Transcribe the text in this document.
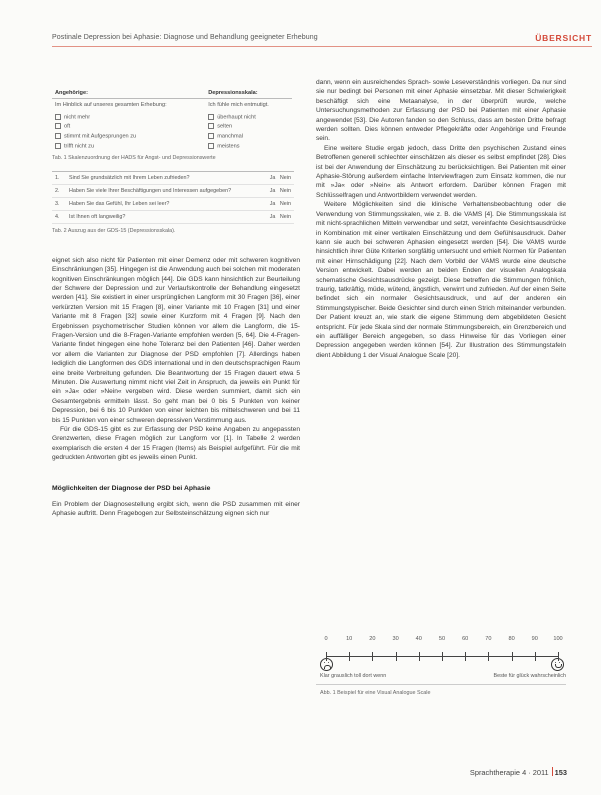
Postinale Depression bei Aphasie: Diagnose und Behandlung geeigneter Erhebung	ÜBERSICHT
Angehörige:	Depressionsskala:
Im Hinblick auf unseres gesamten Erhebung:	Ich fühle mich entmutigt.
nicht mehr	überhaupt nicht
oft	selten
stimmt mit Aufgesprungen zu	manchmal
trifft nicht zu	meistens

Tab. 1 Skalenzuordnung der HADS für Angst- und Depressionswerte

1.	Sind Sie grundsätzlich mit Ihrem Leben zufrieden?	Ja Nein
2.	Haben Sie viele Ihrer Beschäftigungen und Interessen aufgegeben?	Ja Nein
3.	Haben Sie das Gefühl, Ihr Leben sei leer?	Ja Nein
4.	Ist Ihnen oft langweilig?	Ja Nein

Tab. 2 Auszug aus der GDS-15 (Depressionsskala).

eignet sich also nicht für Patienten mit einer Demenz oder mit schweren kognitiven Einschränkungen [35]. Hingegen ist die Anwendung auch bei solchen mit moderaten kognitiven Einschränkungen möglich [44]. Die GDS kann hinsichtlich zur Beurteilung der Schwere der Depression und zur Verlaufskontrolle der Behandlung eingesetzt werden [41]. Sie existiert in einer ursprünglichen Langform mit 30 Fragen [36], einer verkürzten Version mit 15 Fragen [8], einer Variante mit 10 Fragen [31] und einer Variante mit 8 Fragen [32] sowie einer Kurzform mit 4 Fragen [9]. Nach den Ergebnissen psychometrischer Studien können vor allem die Langform, die 15-Fragen-Version und die 8-Fragen-Variante empfohlen werden [5, 64]. Die 4-Fragen-Variante findet hingegen eine hohe Toleranz bei den Patienten [46]. Daher werden vor allem die Varianten zur Diagnose der PSD empfohlen [7]. Allerdings haben lediglich die Langformen des GDS international und in den deutschsprachigen Raum eine breite Verbreitung gefunden. Die Beantwortung der 15 Fragen dauert etwa 5 Minuten. Die Auswertung nimmt nicht viel Zeit in Anspruch, da jeweils ein Punkt für ein »Ja« oder »Nein« vergeben wird. Diese werden summiert, damit sich ein Gesamtergebnis ermitteln lässt. So geht man bei 0 bis 5 Punkten von keiner Depression, bei 6 bis 10 Punkten von einer leichten bis mittelschweren und bei 11 bis 15 Punkten von einer schweren depressiven Verstimmung aus.

Für die GDS-15 gibt es zur Erfassung der PSD keine Angaben zu angepassten Grenzwerten, diese Fragen möglich zur Langform vor [1]. In Tabelle 2 werden exemplarisch die ersten 4 der 15 Fragen (Items) als Beispiel aufgeführt. Für die mit gedruckten Antworten gibt es jeweils einen Punkt.

Möglichkeiten der Diagnose der PSD bei Aphasie

Ein Problem der Diagnosestellung ergibt sich, wenn die PSD zusammen mit einer Aphasie auftritt. Denn Fragebogen zur Selbsteinschätzung eignen sich nur

dann, wenn ein ausreichendes Sprach- sowie Leseverständnis vorliegen. Da nur sind sie nur bedingt bei Personen mit einer Aphasie einsetzbar. Mit dieser Schwierigkeit beschäftigt sich eine Metaanalyse, in der überprüft wurde, welche Untersuchungsmethoden zur Erfassung der PSD bei Patienten mit einer Aphasie angewendet [53]. Die Autoren fanden so den Schluss, dass am besten Dritte befragt werden sollten. Dies können entweder Pflegekräfte oder Angehörige und Freunde sein.

Eine weitere Studie ergab jedoch, dass Dritte den psychischen Zustand eines Betroffenen generell schlechter einschätzen als dieser es selbst empfindet [28]. Dies ist bei der Anwendung der Einschätzung zu berücksichtigen. Bei Patienten mit einer Aphasie-Störung außerdem einfache Interviewfragen zum Einsatz kommen, die nur mit »Ja« oder »Nein« als Antwort erfordern. Darüber können Fragen mit Schlüsselfragen und Antwortbildern verwendet werden.

Weitere Möglichkeiten sind die klinische Verhaltensbeobachtung oder die Verwendung von Stimmungsskalen, wie z. B. die VAMS [4]. Die Stimmungsskala ist mit nicht-sprachlichen Mitteln verwendbar und setzt, vereinfachte Gesichtsausdrücke in Kombination mit einer vertikalen Einschätzung und dem Gefühlsausdruck. Daher kann sie auch bei schweren Aphasien eingesetzt werden [54]. Die VAMS wurde hinsichtlich ihrer Güte Kriterien sorgfältig untersucht und erhielt Normen für Patienten mit einer Hirnschädigung [22]. Nach dem Vorbild der VAMS wurde eine deutsche Version entwickelt. Dabei werden an beiden Enden der visuellen Analogskala schematische Gesichtsausdrücke gezeigt. Diese betreffen die Stimmungen fröhlich, traurig, tatkräftig, müde, wütend, ängstlich, verwirrt und zufrieden. Auf der einen Seite befindet sich ein normaler Gesichtsausdruck, und auf der anderen ein Stimmungstypischer. Beide Gesichter sind durch einen Strich miteinander verbunden. Der Patient kreuzt an, wie stark die eigene Stimmung dem abgebildeten Gesicht entspricht. Für jede Skala sind der normale Stimmungsbereich, ein Grenzbereich und ein auffälliger Bereich angegeben, so dass Hinweise für das Vorliegen einer Depression angegeben werden können [54]. Zur Illustration des Stimmungstafeln dient Abbildung 1 der Visual Analogue Scale [20].

0	10	20	30	40	50	60	70	80	90	100
Klar grauslich toll dort wenn	Beste für glück wahrscheinlich
Abb. 1 Beispiel für eine Visual Analogue Scale
Sprachtherapie 4 · 2011 153
